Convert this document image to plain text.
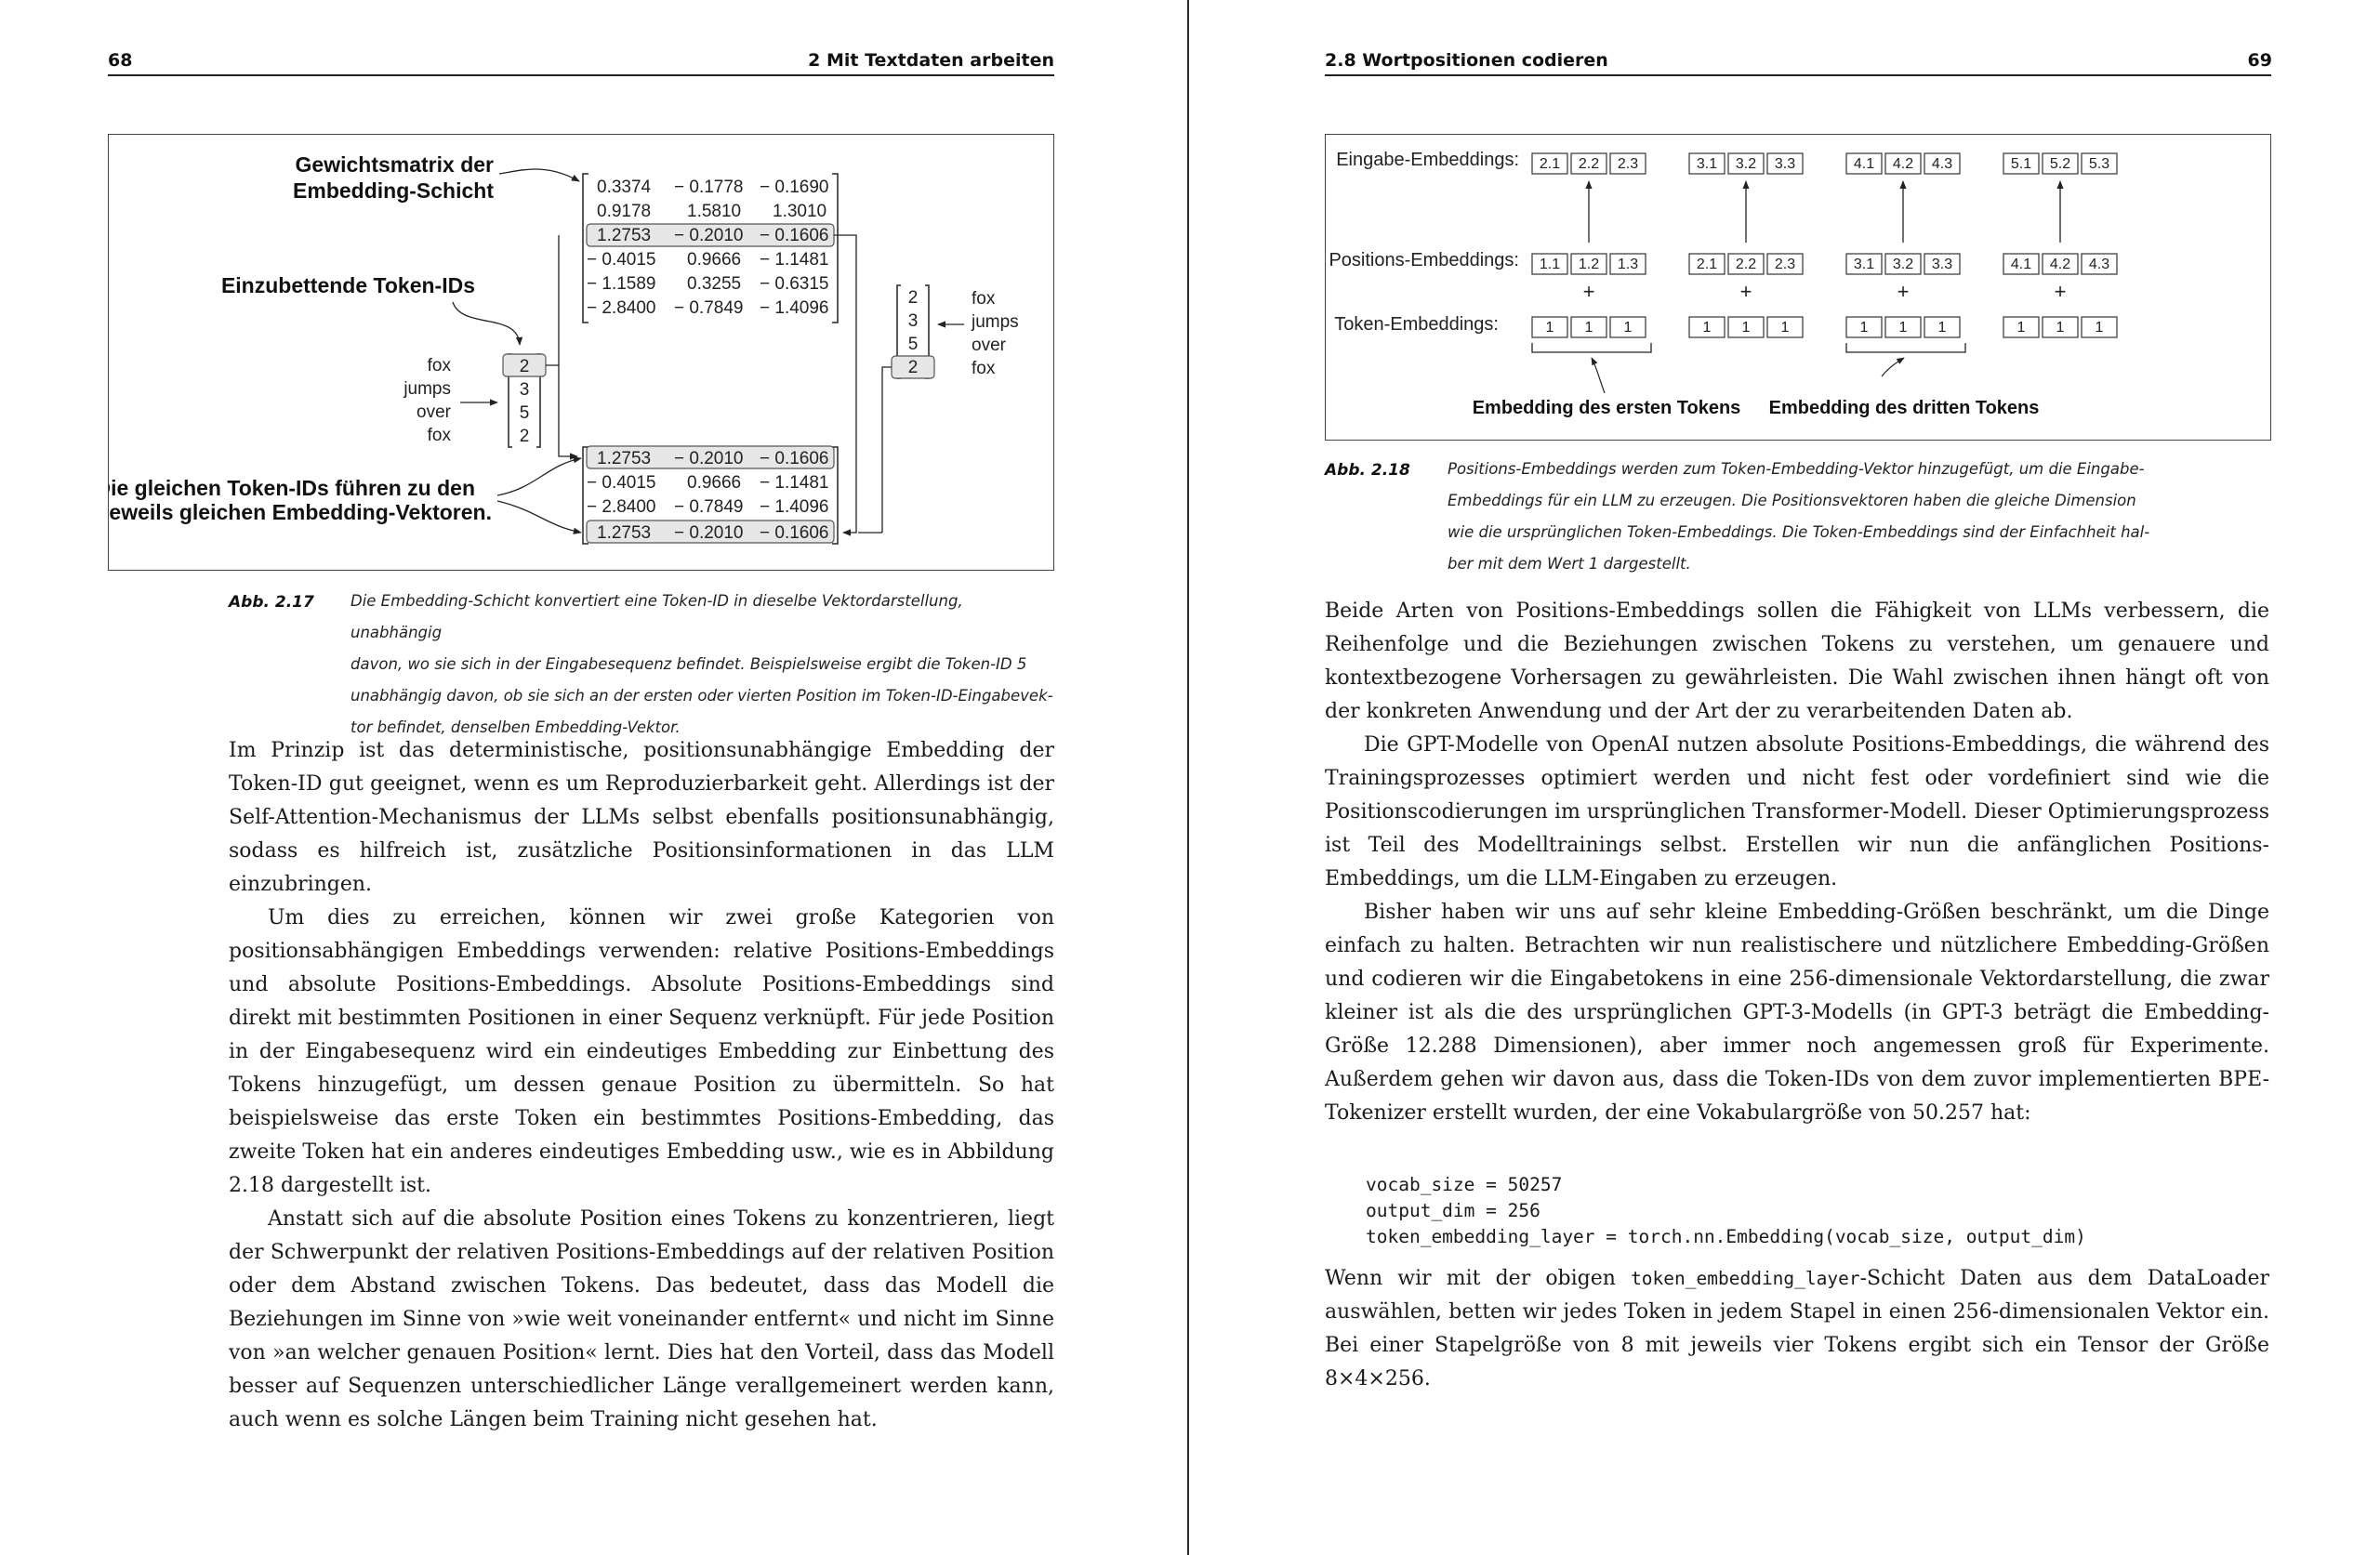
68	2 Mit Textdaten arbeiten
Gewichtsmatrix der
Embedding-Schicht
Einzubettende Token-IDs
Die gleichen Token-IDs führen zu den
jeweils gleichen Embedding-Vektoren.
0.3374 − 0.1778 − 0.1690
0.9178 1.5810 1.3010
1.2753 − 0.2010 − 0.1606
− 0.4015 0.9666 − 1.1481
− 1.1589 0.3255 − 0.6315
− 2.8400 − 0.7849 − 1.4096
fox
jumps
over
fox
2
3
5
2
2
3
5
2
fox
jumps
over
fox
1.2753 − 0.2010 − 0.1606
− 0.4015 0.9666 − 1.1481
− 2.8400 − 0.7849 − 1.4096
1.2753 − 0.2010 − 0.1606
Abb. 2.17 Die Embedding-Schicht konvertiert eine Token-ID in dieselbe Vektordarstellung, unabhängig
davon, wo sie sich in der Eingabesequenz befindet. Beispielsweise ergibt die Token-ID 5
unabhängig davon, ob sie sich an der ersten oder vierten Position im Token-ID-Eingabevek-
tor befindet, denselben Embedding-Vektor.

Im Prinzip ist das deterministische, positionsunabhängige Embedding der Token-ID gut geeignet, wenn es um Reproduzierbarkeit geht. Allerdings ist der Self-Attention-Mechanismus der LLMs selbst ebenfalls positionsunabhängig, sodass es hilfreich ist, zusätzliche Positionsinformationen in das LLM einzubringen.

Um dies zu erreichen, können wir zwei große Kategorien von positionsabhängigen Embeddings verwenden: relative Positions-Embeddings und absolute Positions-Embeddings. Absolute Positions-Embeddings sind direkt mit bestimmten Positionen in einer Sequenz verknüpft. Für jede Position in der Eingabesequenz wird ein eindeutiges Embedding zur Einbettung des Tokens hinzugefügt, um dessen genaue Position zu übermitteln. So hat beispielsweise das erste Token ein bestimmtes Positions-Embedding, das zweite Token hat ein anderes eindeutiges Embedding usw., wie es in Abbildung 2.18 dargestellt ist.

Anstatt sich auf die absolute Position eines Tokens zu konzentrieren, liegt der Schwerpunkt der relativen Positions-Embeddings auf der relativen Position oder dem Abstand zwischen Tokens. Das bedeutet, dass das Modell die Beziehungen im Sinne von »wie weit voneinander entfernt« und nicht im Sinne von »an welcher genauen Position« lernt. Dies hat den Vorteil, dass das Modell besser auf Sequenzen unterschiedlicher Länge verallgemeinert werden kann, auch wenn es solche Längen beim Training nicht gesehen hat.

2.8 Wortpositionen codieren	69
Eingabe-Embeddings:
Positions-Embeddings:
Token-Embeddings:
2.1 2.2 2.3	3.1 3.2 3.3	4.1 4.2 4.3	5.1 5.2 5.3
1.1 1.2 1.3	2.1 2.2 2.3	3.1 3.2 3.3	4.1 4.2 4.3
1 1 1	1 1 1	1 1 1	1 1 1
+	+	+	+
Embedding des ersten Tokens Embedding des dritten Tokens
Abb. 2.18 Positions-Embeddings werden zum Token-Embedding-Vektor hinzugefügt, um die Eingabe-
Embeddings für ein LLM zu erzeugen. Die Positionsvektoren haben die gleiche Dimension
wie die ursprünglichen Token-Embeddings. Die Token-Embeddings sind der Einfachheit hal-
ber mit dem Wert 1 dargestellt.

Beide Arten von Positions-Embeddings sollen die Fähigkeit von LLMs verbessern, die Reihenfolge und die Beziehungen zwischen Tokens zu verstehen, um genauere und kontextbezogene Vorhersagen zu gewährleisten. Die Wahl zwischen ihnen hängt oft von der konkreten Anwendung und der Art der zu verarbeitenden Daten ab.

Die GPT-Modelle von OpenAI nutzen absolute Positions-Embeddings, die während des Trainingsprozesses optimiert werden und nicht fest oder vordefiniert sind wie die Positionscodierungen im ursprünglichen Transformer-Modell. Dieser Optimierungsprozess ist Teil des Modelltrainings selbst. Erstellen wir nun die anfänglichen Positions-Embeddings, um die LLM-Eingaben zu erzeugen.

Bisher haben wir uns auf sehr kleine Embedding-Größen beschränkt, um die Dinge einfach zu halten. Betrachten wir nun realistischere und nützlichere Embedding-Größen und codieren wir die Eingabetokens in eine 256-dimensionale Vektordarstellung, die zwar kleiner ist als die des ursprünglichen GPT-3-Modells (in GPT-3 beträgt die Embedding-Größe 12.288 Dimensionen), aber immer noch angemessen groß für Experimente. Außerdem gehen wir davon aus, dass die Token-IDs von dem zuvor implementierten BPE-Tokenizer erstellt wurden, der eine Vokabulargröße von 50.257 hat:

vocab_size = 50257
output_dim = 256
token_embedding_layer = torch.nn.Embedding(vocab_size, output_dim)

Wenn wir mit der obigen token_embedding_layer-Schicht Daten aus dem DataLoader auswählen, betten wir jedes Token in jedem Stapel in einen 256-dimensionalen Vektor ein. Bei einer Stapelgröße von 8 mit jeweils vier Tokens ergibt sich ein Tensor der Größe 8×4×256.
